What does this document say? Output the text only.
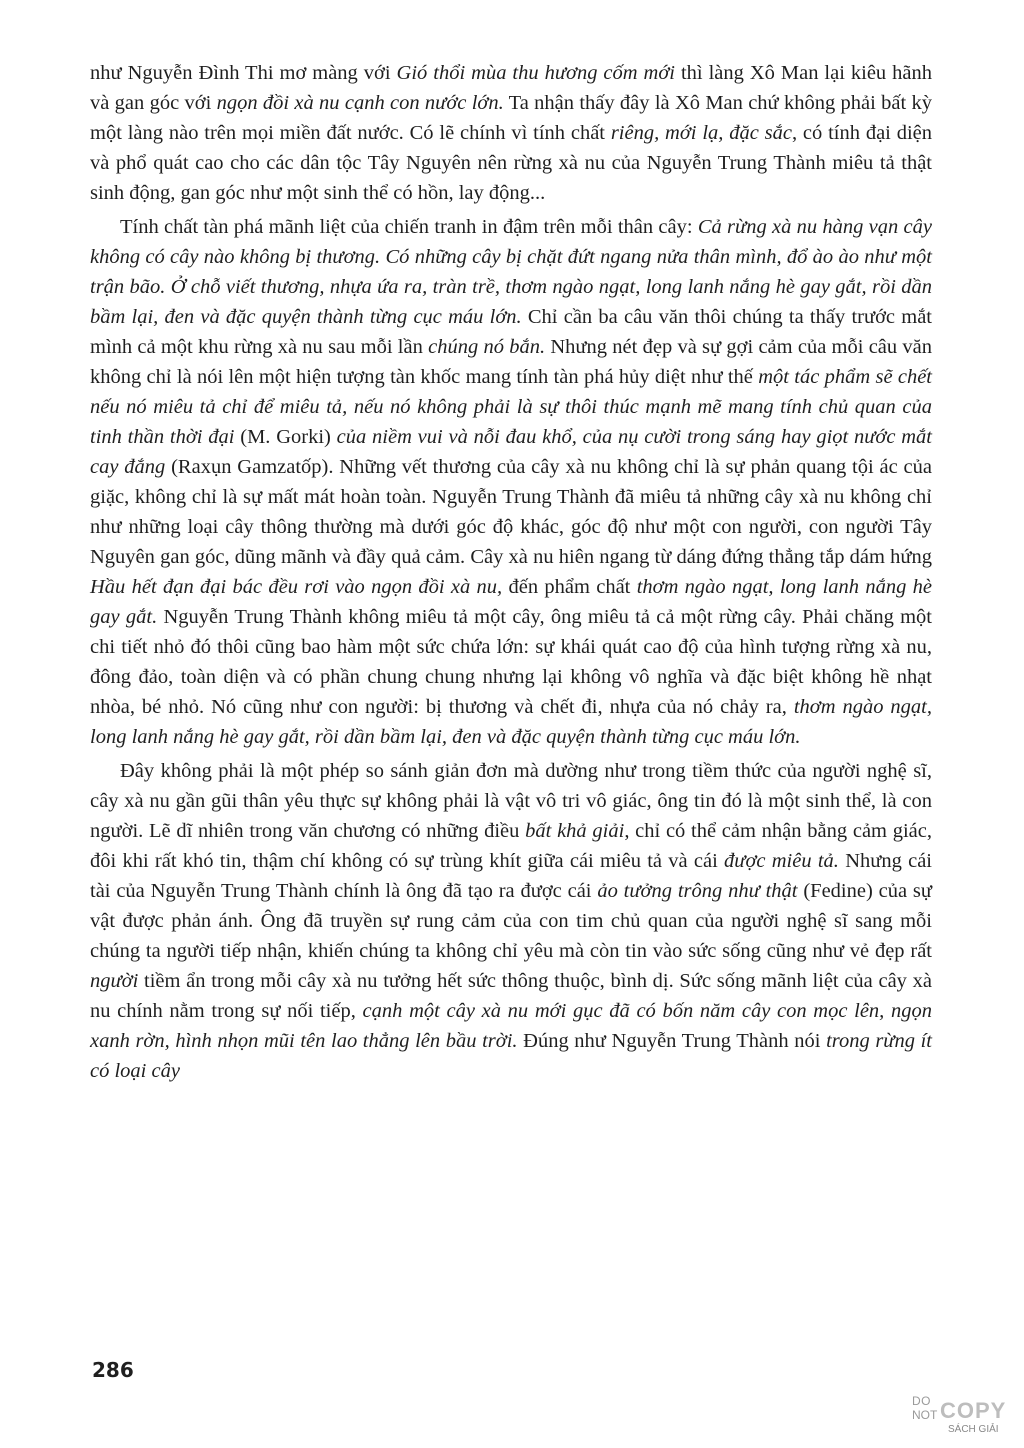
như Nguyễn Đình Thi mơ màng với Gió thổi mùa thu hương cốm mới thì làng Xô Man lại kiêu hãnh và gan góc với ngọn đồi xà nu cạnh con nước lớn. Ta nhận thấy đây là Xô Man chứ không phải bất kỳ một làng nào trên mọi miền đất nước. Có lẽ chính vì tính chất riêng, mới lạ, đặc sắc, có tính đại diện và phổ quát cao cho các dân tộc Tây Nguyên nên rừng xà nu của Nguyễn Trung Thành miêu tả thật sinh động, gan góc như một sinh thể có hồn, lay động...

Tính chất tàn phá mãnh liệt của chiến tranh in đậm trên mỗi thân cây: Cả rừng xà nu hàng vạn cây không có cây nào không bị thương. Có những cây bị chặt đứt ngang nửa thân mình, đổ ào ào như một trận bão. Ở chỗ viết thương, nhựa ứa ra, tràn trề, thơm ngào ngạt, long lanh nắng hè gay gắt, rồi dần bầm lại, đen và đặc quyện thành từng cục máu lớn. Chỉ cần ba câu văn thôi chúng ta thấy trước mắt mình cả một khu rừng xà nu sau mỗi lần chúng nó bắn. Nhưng nét đẹp và sự gợi cảm của mỗi câu văn không chỉ là nói lên một hiện tượng tàn khốc mang tính tàn phá hủy diệt như thế một tác phẩm sẽ chết nếu nó miêu tả chỉ để miêu tả, nếu nó không phải là sự thôi thúc mạnh mẽ mang tính chủ quan của tinh thần thời đại (M. Gorki) của niềm vui và nỗi đau khổ, của nụ cười trong sáng hay giọt nước mắt cay đắng (Raxụn Gamzatốp). Những vết thương của cây xà nu không chỉ là sự phản quang tội ác của giặc, không chỉ là sự mất mát hoàn toàn. Nguyễn Trung Thành đã miêu tả những cây xà nu không chỉ như những loại cây thông thường mà dưới góc độ khác, góc độ như một con người, con người Tây Nguyên gan góc, dũng mãnh và đầy quả cảm. Cây xà nu hiên ngang từ dáng đứng thẳng tắp dám hứng Hầu hết đạn đại bác đều rơi vào ngọn đồi xà nu, đến phẩm chất thơm ngào ngạt, long lanh nắng hè gay gắt. Nguyễn Trung Thành không miêu tả một cây, ông miêu tả cả một rừng cây. Phải chăng một chi tiết nhỏ đó thôi cũng bao hàm một sức chứa lớn: sự khái quát cao độ của hình tượng rừng xà nu, đông đảo, toàn diện và có phần chung chung nhưng lại không vô nghĩa và đặc biệt không hề nhạt nhòa, bé nhỏ. Nó cũng như con người: bị thương và chết đi, nhựa của nó chảy ra, thơm ngào ngạt, long lanh nắng hè gay gắt, rồi dần bầm lại, đen và đặc quyện thành từng cục máu lớn.

Đây không phải là một phép so sánh giản đơn mà dường như trong tiềm thức của người nghệ sĩ, cây xà nu gần gũi thân yêu thực sự không phải là vật vô tri vô giác, ông tin đó là một sinh thể, là con người. Lẽ dĩ nhiên trong văn chương có những điều bất khả giải, chỉ có thể cảm nhận bằng cảm giác, đôi khi rất khó tin, thậm chí không có sự trùng khít giữa cái miêu tả và cái được miêu tả. Nhưng cái tài của Nguyễn Trung Thành chính là ông đã tạo ra được cái ảo tưởng trông như thật (Fedine) của sự vật được phản ánh. Ông đã truyền sự rung cảm của con tim chủ quan của người nghệ sĩ sang mỗi chúng ta người tiếp nhận, khiến chúng ta không chỉ yêu mà còn tin vào sức sống cũng như vẻ đẹp rất người tiềm ẩn trong mỗi cây xà nu tưởng hết sức thông thuộc, bình dị. Sức sống mãnh liệt của cây xà nu chính nằm trong sự nối tiếp, cạnh một cây xà nu mới gục đã có bốn năm cây con mọc lên, ngọn xanh rờn, hình nhọn mũi tên lao thẳng lên bầu trời. Đúng như Nguyễn Trung Thành nói trong rừng ít có loại cây

286
DO
NOT COPY
SÁCH GIẢI
